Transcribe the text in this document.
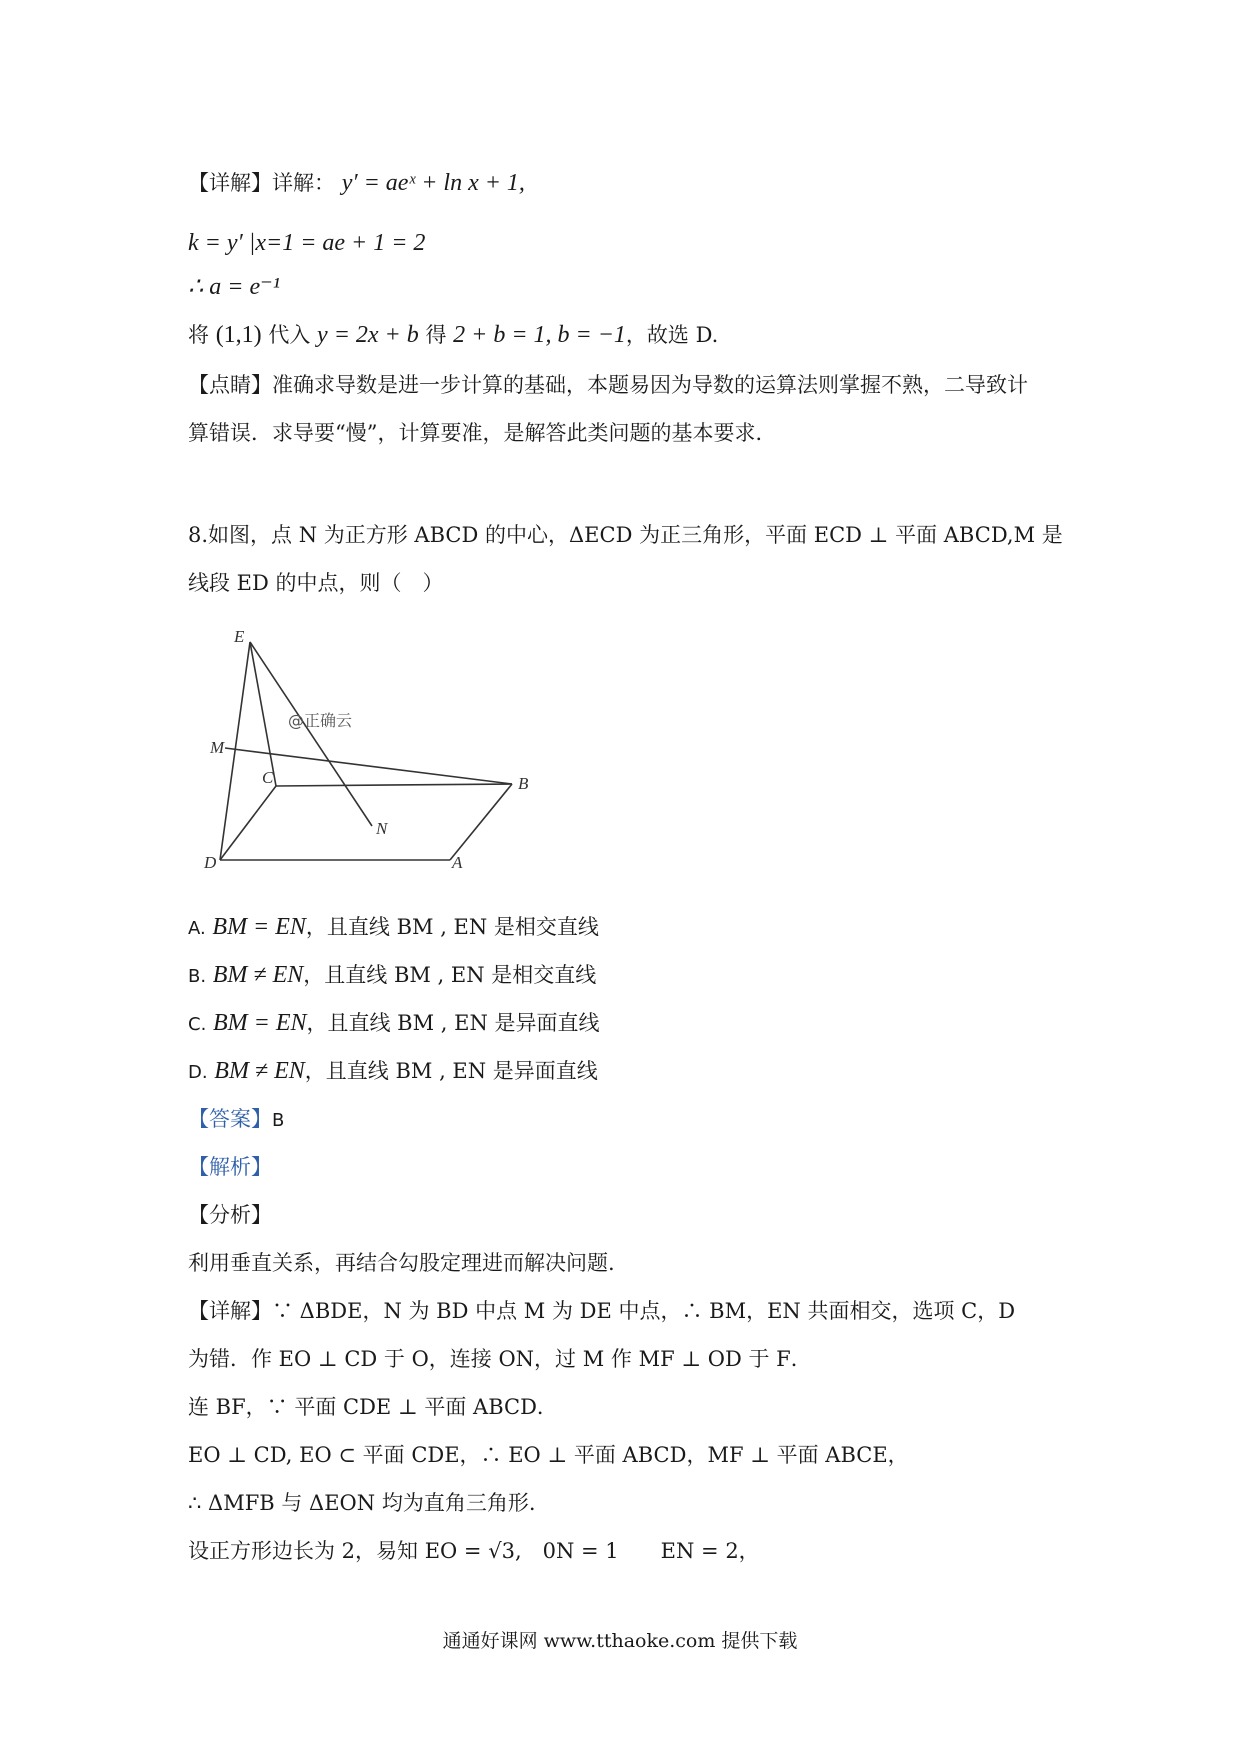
【详解】详解： y′ = aeˣ + ln x + 1,
k = y′ |x=1 = ae + 1 = 2
∴ a = e⁻¹
将 (1,1) 代入 y = 2x + b 得 2 + b = 1, b = −1，故选 D.
【点睛】准确求导数是进一步计算的基础，本题易因为导数的运算法则掌握不熟，二导致计
算错误．求导要“慢”，计算要准，是解答此类问题的基本要求．
8.如图，点 N 为正方形 ABCD 的中心，ΔECD 为正三角形，平面 ECD ⊥ 平面 ABCD,M 是
线段 ED 的中点，则（　）
E
M
C	B
N
D	A
@正确云
A. BM = EN，且直线 BM , EN 是相交直线
B. BM ≠ EN，且直线 BM , EN 是相交直线
C. BM = EN，且直线 BM , EN 是异面直线
D. BM ≠ EN，且直线 BM , EN 是异面直线
【答案】B
【解析】
【分析】
利用垂直关系，再结合勾股定理进而解决问题.
【详解】∵ ΔBDE，N 为 BD 中点 M 为 DE 中点，∴ BM，EN 共面相交，选项 C，D
为错．作 EO ⊥ CD 于 O，连接 ON，过 M 作 MF ⊥ OD 于 F．
连 BF，∵ 平面 CDE ⊥ 平面 ABCD．
EO ⊥ CD, EO ⊂ 平面 CDE，∴ EO ⊥ 平面 ABCD，MF ⊥ 平面 ABCE，
∴ ΔMFB 与 ΔEON 均为直角三角形.
设正方形边长为 2，易知 EO = √3,　0N = 1　　EN = 2，
通通好课网 www.tthaoke.com 提供下载
